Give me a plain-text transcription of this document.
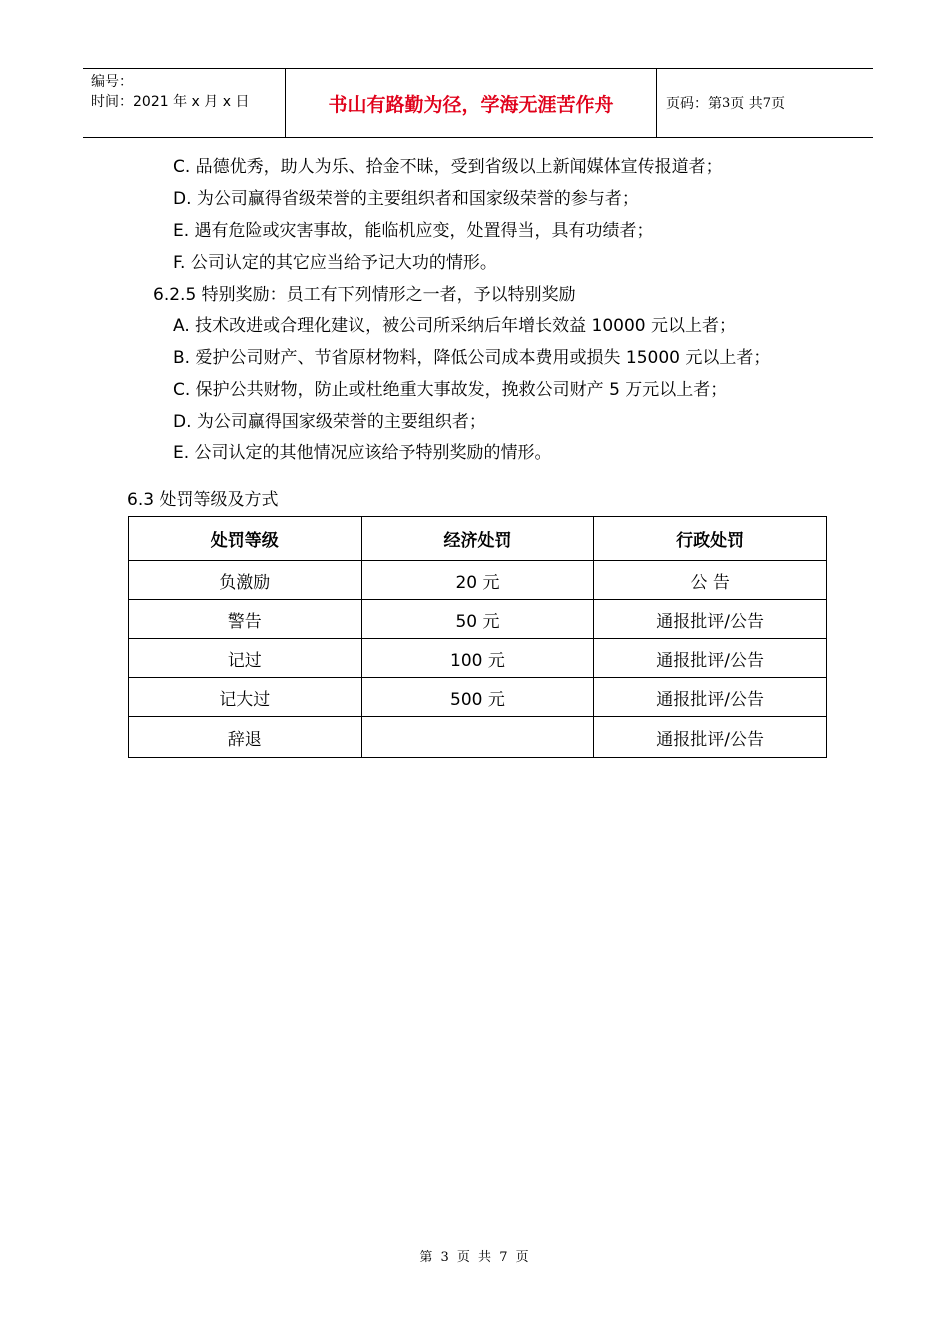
编号：
时间：2021 年 x 月 x 日	书山有路勤为径，学海无涯苦作舟	页码：第 3 页 共 7 页
C. 品德优秀，助人为乐、拾金不昧，受到省级以上新闻媒体宣传报道者；
D. 为公司赢得省级荣誉的主要组织者和国家级荣誉的参与者；
E. 遇有危险或灾害事故，能临机应变，处置得当，具有功绩者；
F. 公司认定的其它应当给予记大功的情形。
6.2.5 特别奖励：员工有下列情形之一者，予以特别奖励
A. 技术改进或合理化建议，被公司所采纳后年增长效益 10000 元以上者；
B. 爱护公司财产、节省原材物料，降低公司成本费用或损失 15000 元以上者；
C. 保护公共财物，防止或杜绝重大事故发，挽救公司财产 5 万元以上者；
D. 为公司赢得国家级荣誉的主要组织者；
E. 公司认定的其他情况应该给予特别奖励的情形。
6.3 处罚等级及方式
处罚等级	经济处罚	行政处罚
负激励	20 元	公 告
警告	50 元	通报批评/公告
记过	100 元	通报批评/公告
记大过	500 元	通报批评/公告
辞退		通报批评/公告
第 3 页 共 7 页
